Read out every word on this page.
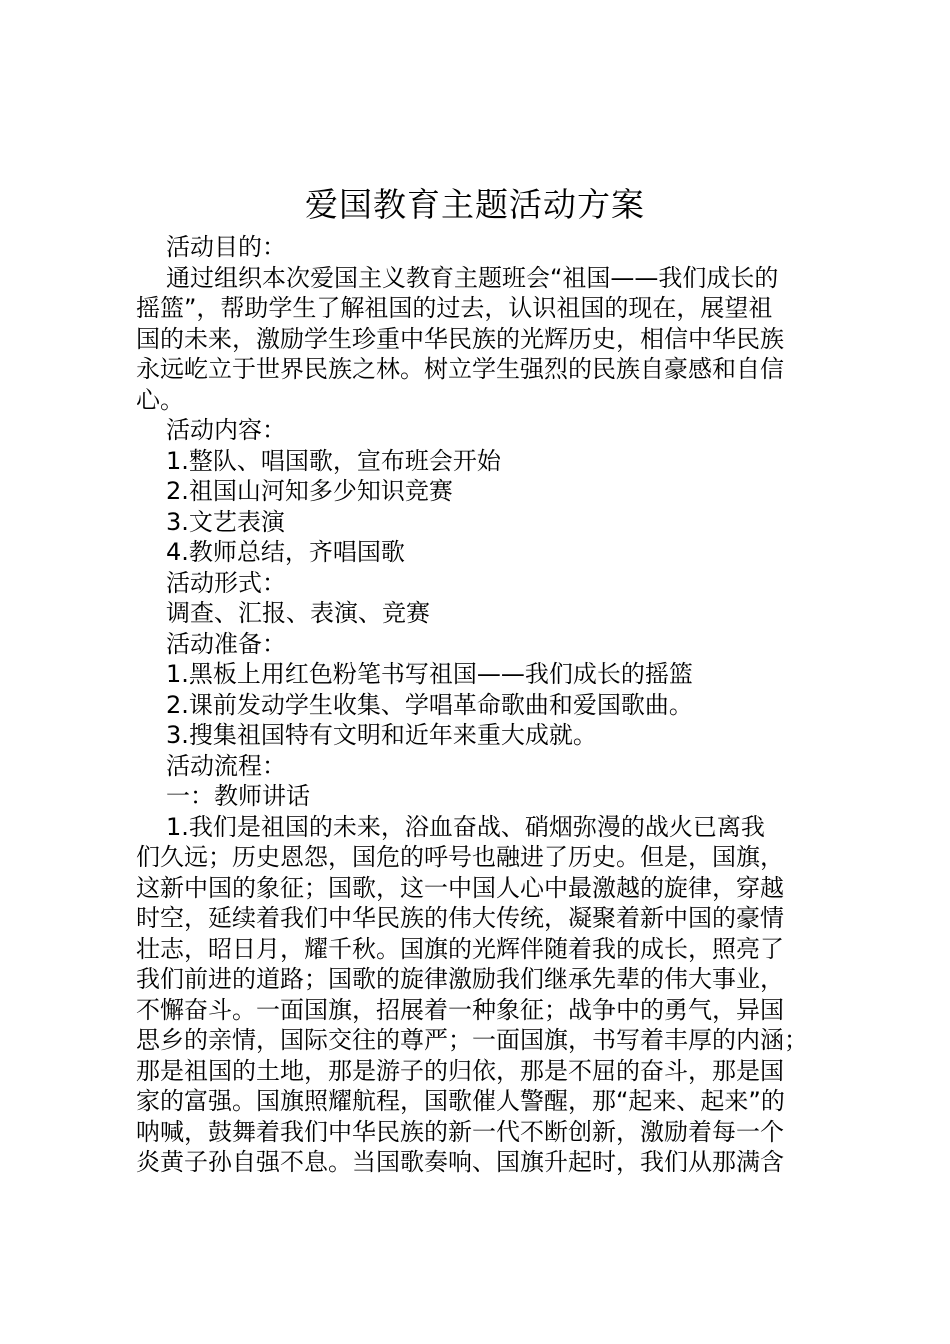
爱国教育主题活动方案
活动目的：
通过组织本次爱国主义教育主题班会“祖国——我们成长的
摇篮”，帮助学生了解祖国的过去，认识祖国的现在，展望祖
国的未来，激励学生珍重中华民族的光辉历史，相信中华民族
永远屹立于世界民族之林。树立学生强烈的民族自豪感和自信
心。
活动内容：
1.整队、唱国歌，宣布班会开始
2.祖国山河知多少知识竞赛
3.文艺表演
4.教师总结，齐唱国歌
活动形式：
调查、汇报、表演、竞赛
活动准备：
1.黑板上用红色粉笔书写祖国——我们成长的摇篮
2.课前发动学生收集、学唱革命歌曲和爱国歌曲。
3.搜集祖国特有文明和近年来重大成就。
活动流程：
一：教师讲话
1.我们是祖国的未来，浴血奋战、硝烟弥漫的战火已离我
们久远；历史恩怨，国危的呼号也融进了历史。但是，国旗，
这新中国的象征；国歌，这一中国人心中最激越的旋律，穿越
时空，延续着我们中华民族的伟大传统，凝聚着新中国的豪情
壮志，昭日月，耀千秋。国旗的光辉伴随着我的成长，照亮了
我们前进的道路；国歌的旋律激励我们继承先辈的伟大事业，
不懈奋斗。一面国旗，招展着一种象征；战争中的勇气，异国
思乡的亲情，国际交往的尊严；一面国旗，书写着丰厚的内涵；
那是祖国的土地，那是游子的归依，那是不屈的奋斗，那是国
家的富强。国旗照耀航程，国歌催人警醒，那“起来、起来”的
呐喊，鼓舞着我们中华民族的新一代不断创新，激励着每一个
炎黄子孙自强不息。当国歌奏响、国旗升起时，我们从那满含
